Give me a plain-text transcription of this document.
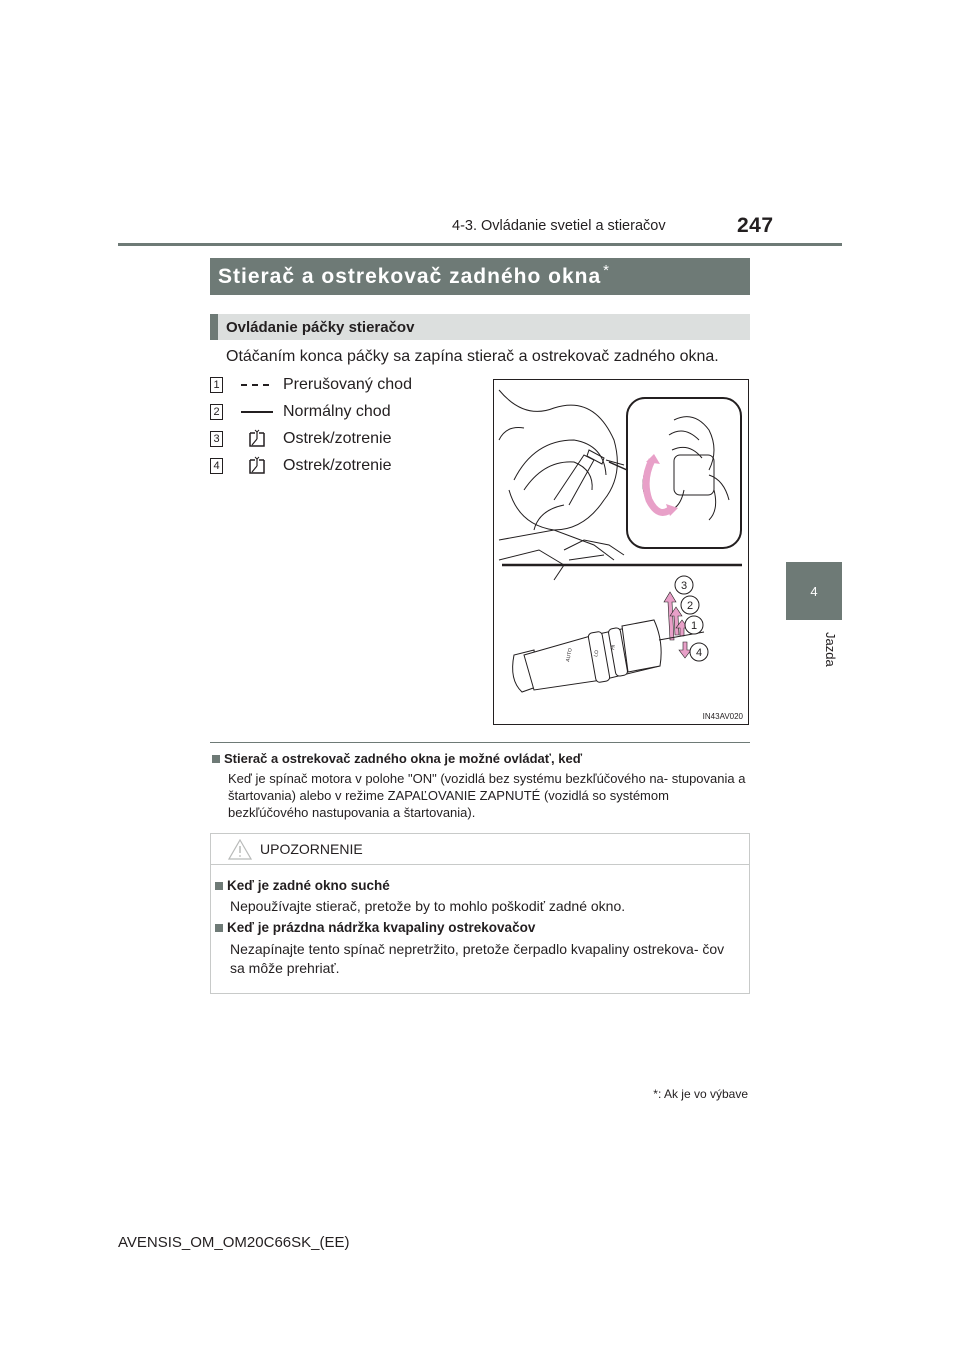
4-3. Ovládanie svetiel a stieračov	247
4
Jazda
Stierač a ostrekovač zadného okna*
Ovládanie páčky stieračov
Otáčaním konca páčky sa zapína stierač a ostrekovač zadného okna.
1	Prerušovaný chod
2	Normálny chod
3	Ostrek/zotrenie
4	Ostrek/zotrenie
AUTO	LO
HI
3
2
1
4
IN43AV020
Stierač a ostrekovač zadného okna je možné ovládať, keď
Keď je spínač motora v polohe "ON" (vozidlá bez systému bezkľúčového na- stupovania a štartovania) alebo v režime ZAPAĽOVANIE ZAPNUTÉ (vozidlá so systémom bezkľúčového nastupovania a štartovania).
UPOZORNENIE
Keď je zadné okno suché
Nepoužívajte stierač, pretože by to mohlo poškodiť zadné okno.
Keď je prázdna nádržka kvapaliny ostrekovačov
Nezapínajte tento spínač nepretržito, pretože čerpadlo kvapaliny ostrekova- čov sa môže prehriať.
*: Ak je vo výbave
AVENSIS_OM_OM20C66SK_(EE)
